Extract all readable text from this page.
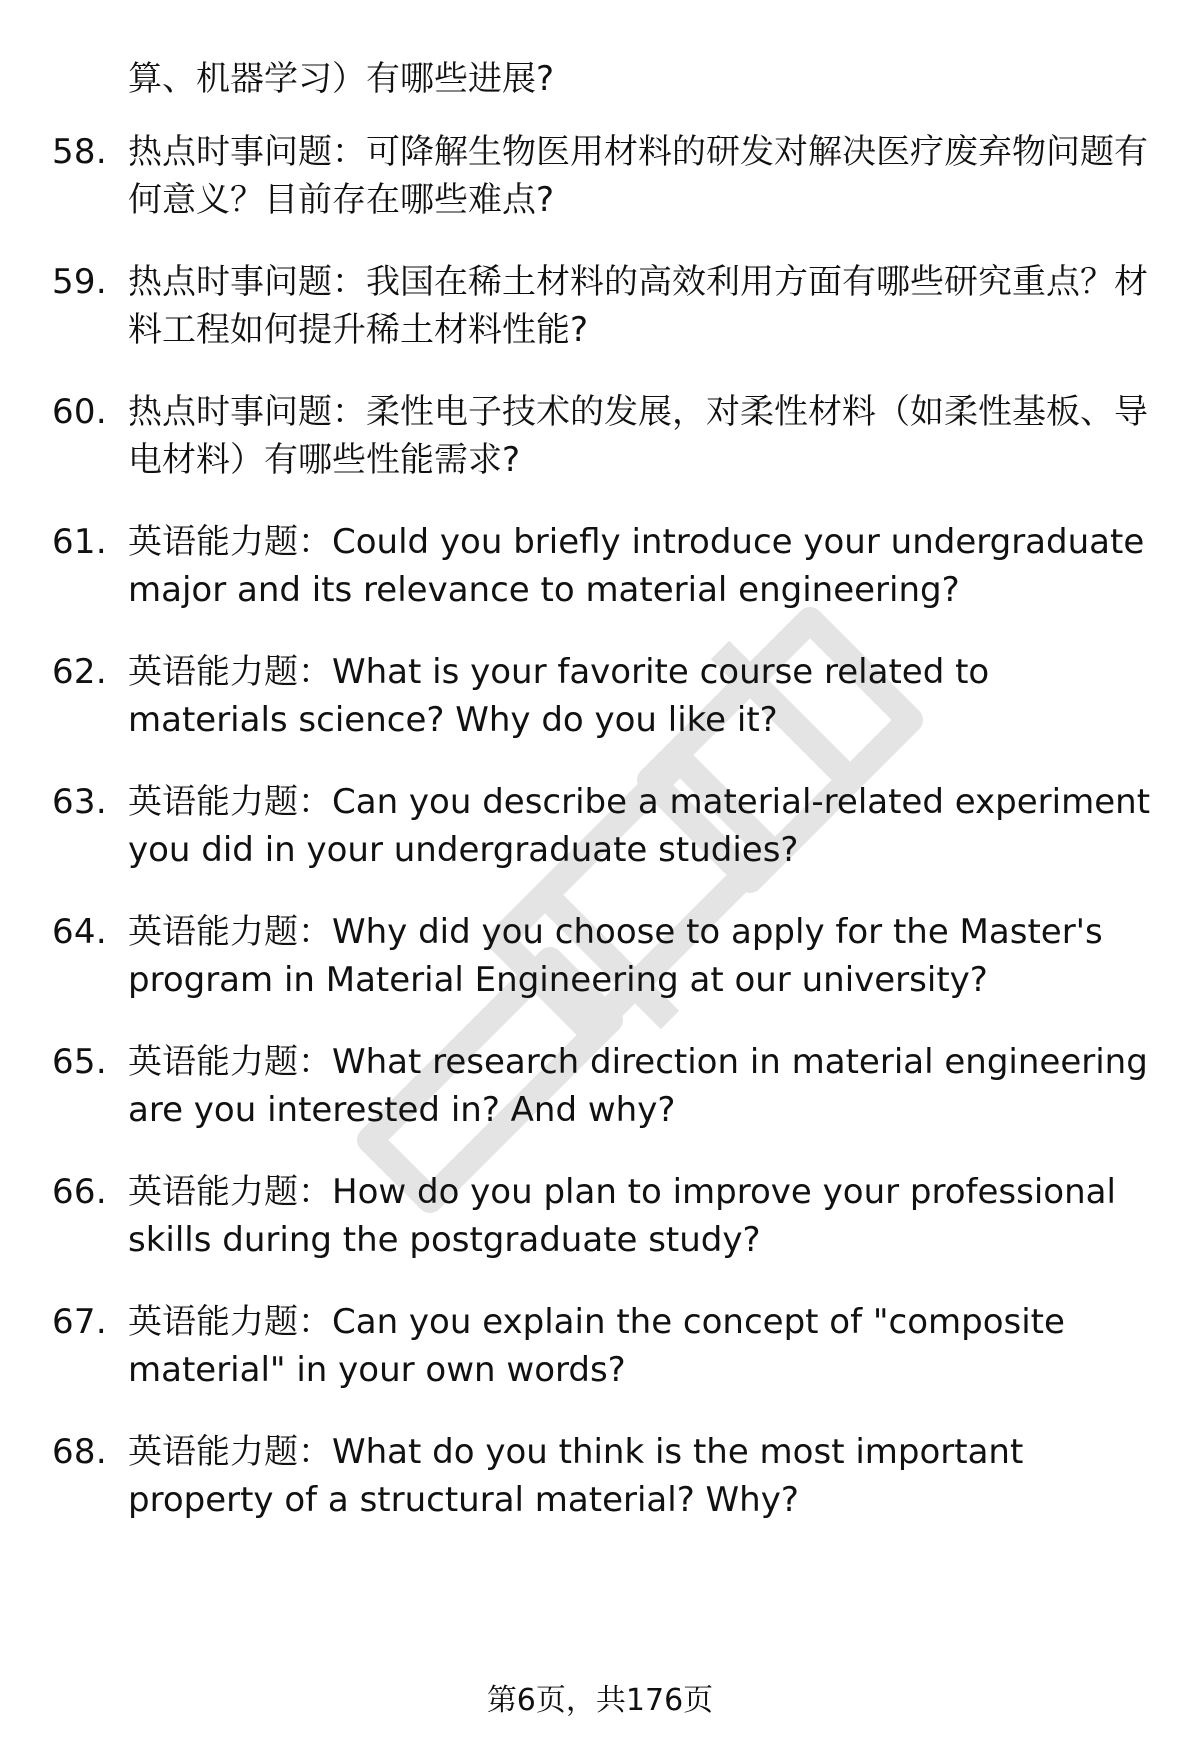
算、机器学习）有哪些进展?
58. 热点时事问题：可降解生物医用材料的研发对解决医疗废弃物问题有何意义？目前存在哪些难点?
59. 热点时事问题：我国在稀土材料的高效利用方面有哪些研究重点？材料工程如何提升稀土材料性能?
60. 热点时事问题：柔性电子技术的发展，对柔性材料（如柔性基板、导电材料）有哪些性能需求?
61. 英语能力题：Could you briefly introduce your undergraduate major and its relevance to material engineering?
62. 英语能力题：What is your favorite course related to materials science? Why do you like it?
63. 英语能力题：Can you describe a material-related experiment you did in your undergraduate studies?
64. 英语能力题：Why did you choose to apply for the Master's program in Material Engineering at our university?
65. 英语能力题：What research direction in material engineering are you interested in? And why?
66. 英语能力题：How do you plan to improve your professional skills during the postgraduate study?
67. 英语能力题：Can you explain the concept of "composite material" in your own words?
68. 英语能力题：What do you think is the most important property of a structural material? Why?
第6页，共176页
